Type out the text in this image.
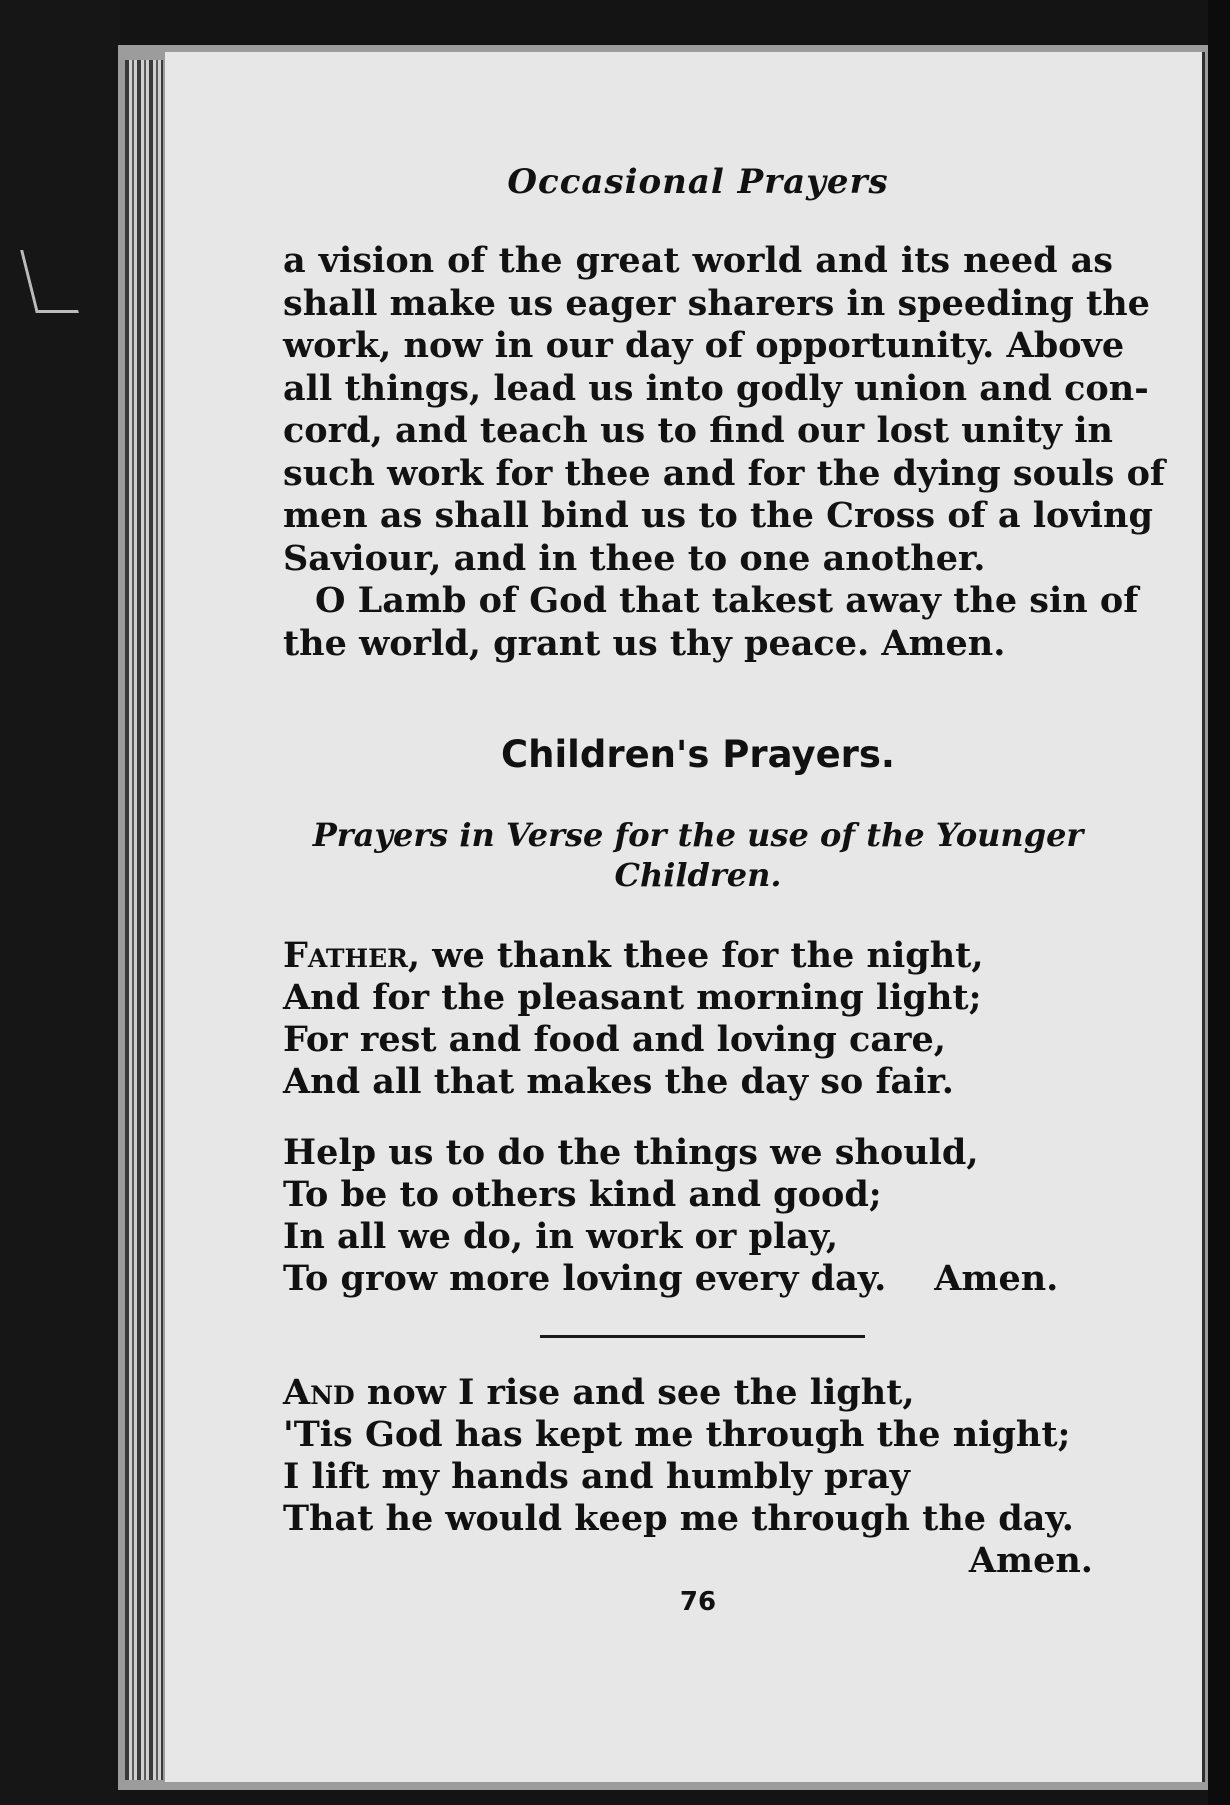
Occasional Prayers

a vision of the great world and its need as
shall make us eager sharers in speeding the
work, now in our day of opportunity. Above
all things, lead us into godly union and con-
cord, and teach us to find our lost unity in
such work for thee and for the dying souls of
men as shall bind us to the Cross of a loving
Saviour, and in thee to one another.

O Lamb of God that takest away the sin of
the world, grant us thy peace. Amen.

Children's Prayers.
Prayers in Verse for the use of the Younger
Children.
Father, we thank thee for the night,
And for the pleasant morning light;
For rest and food and loving care,
And all that makes the day so fair.
Help us to do the things we should,
To be to others kind and good;
In all we do, in work or play,
To grow more loving every day. Amen.
And now I rise and see the light,
'Tis God has kept me through the night;
I lift my hands and humbly pray
That he would keep me through the day.
Amen.
76
